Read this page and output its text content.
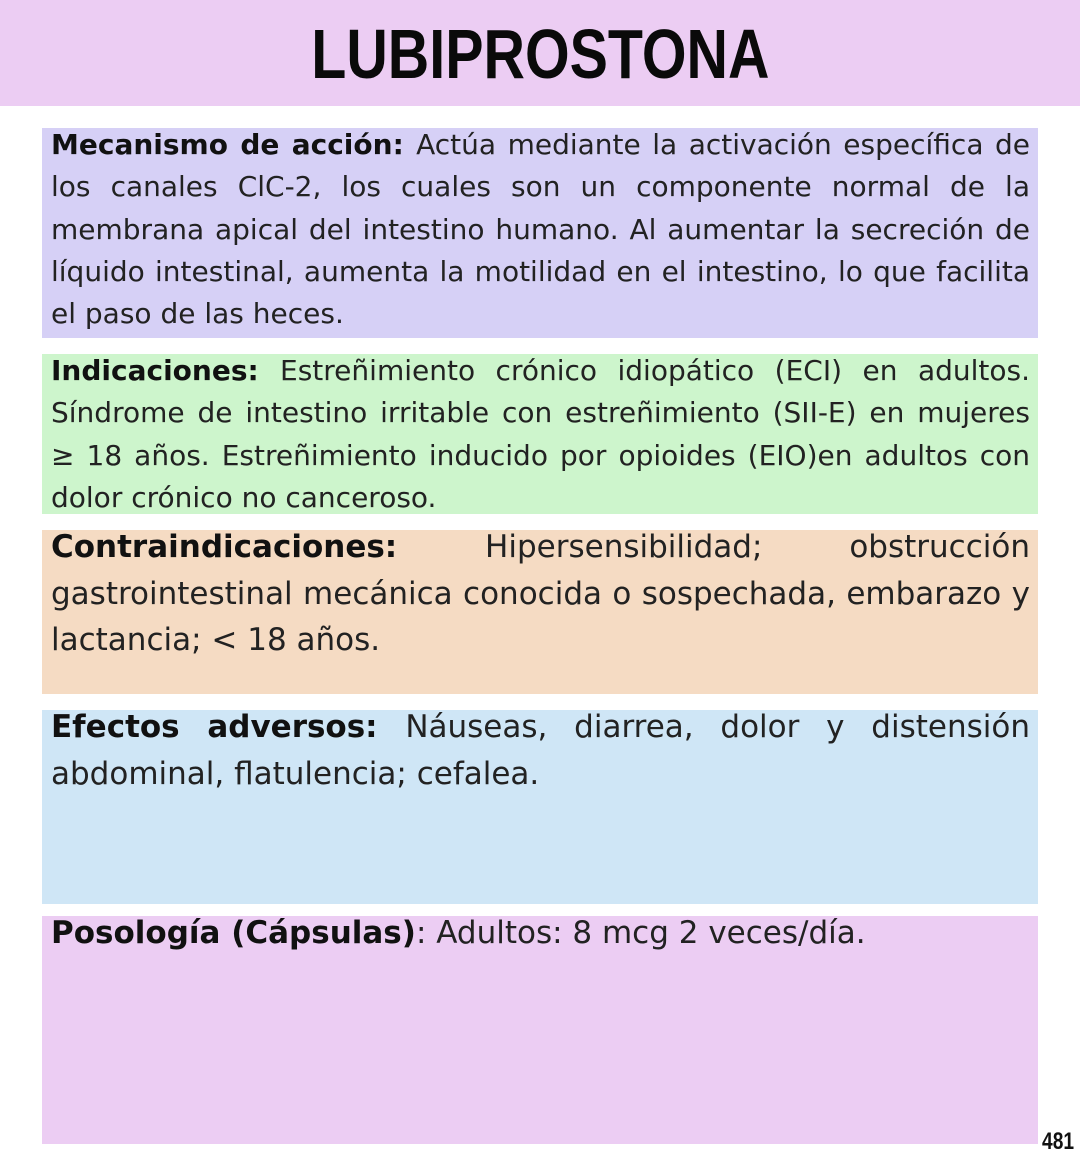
LUBIPROSTONA
Mecanismo de acción: Actúa mediante la activación específica de los canales ClC-2, los cuales son un componente normal de la membrana apical del intestino humano. Al aumentar la secreción de líquido intestinal, aumenta la motilidad en el intestino, lo que facilita el paso de las heces.
Indicaciones: Estreñimiento crónico idiopático (ECI) en adultos. Síndrome de intestino irritable con estreñimiento (SII-E) en mujeres ≥ 18 años. Estreñimiento inducido por opioides (EIO)en adultos con dolor crónico no canceroso.
Contraindicaciones: Hipersensibilidad; obstrucción gastrointestinal mecánica conocida o sospechada, embarazo y lactancia; < 18 años.
Efectos adversos: Náuseas, diarrea, dolor y distensión abdominal, flatulencia; cefalea.
Posología (Cápsulas): Adultos: 8 mcg 2 veces/día.
481
